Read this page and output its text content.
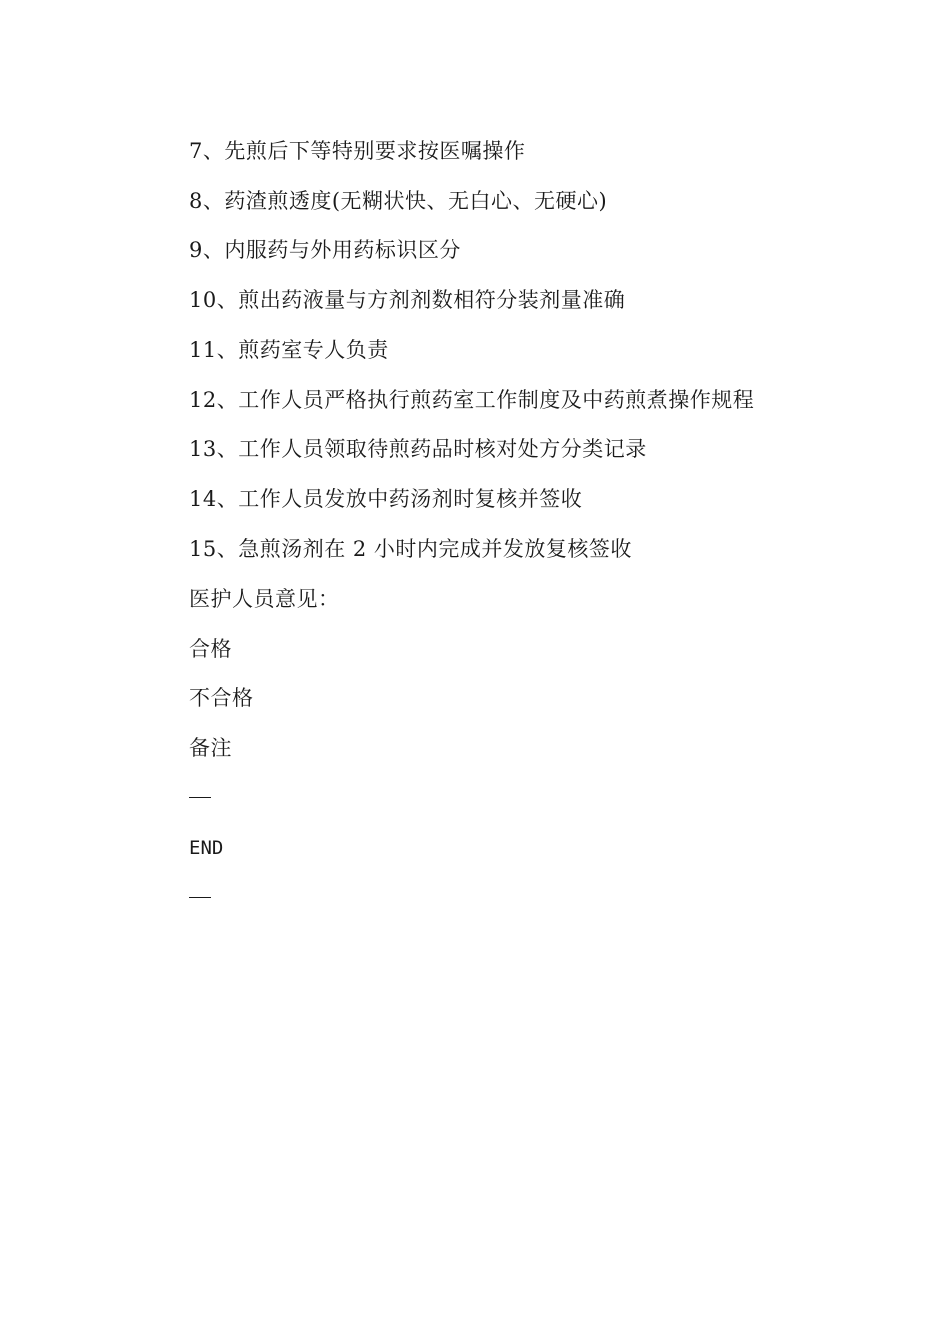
7、先煎后下等特别要求按医嘱操作
8、药渣煎透度(无糊状快、无白心、无硬心)
9、内服药与外用药标识区分
10、煎出药液量与方剂剂数相符分装剂量准确
11、煎药室专人负责
12、工作人员严格执行煎药室工作制度及中药煎煮操作规程
13、工作人员领取待煎药品时核对处方分类记录
14、工作人员发放中药汤剂时复核并签收
15、急煎汤剂在 2 小时内完成并发放复核签收
医护人员意见：
合格
不合格
备注
END
